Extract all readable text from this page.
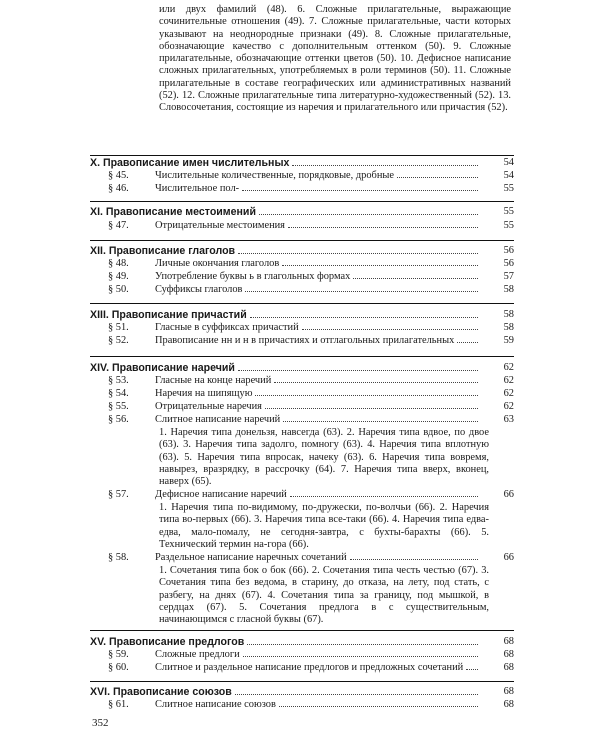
или двух фамилий (48). 6. Сложные прилагательные, выражающие сочинительные отношения (49). 7. Сложные прилагательные, части которых указывают на неоднородные признаки (49). 8. Сложные прилагательные, обозначающие качество с дополнительным оттенком (50). 9. Сложные прилагательные, обозначающие оттенки цветов (50). 10. Дефисное написание сложных прилагательных, употребляемых в роли терминов (50). 11. Сложные прилагательные в составе географических или административных названий (52). 12. Сложные прилагательные типа литературно-художественный (52). 13. Словосочетания, состоящие из наречия и прилагательного или причастия (52).

X. Правописание имен числительных	54
§ 45.	Числительные количественные, порядковые, дробные	54
§ 46.	Числительное пол-	55
XI. Правописание местоимений	55
§ 47.	Отрицательные местоимения	55
XII. Правописание глаголов	56
§ 48.	Личные окончания глаголов	56
§ 49.	Употребление буквы ь в глагольных формах	57
§ 50.	Суффиксы глаголов	58
XIII. Правописание причастий	58
§ 51.	Гласные в суффиксах причастий	58
§ 52.	Правописание нн и н в причастиях и отглагольных прилагательных	59
XIV. Правописание наречий	62
§ 53.	Гласные на конце наречий	62
§ 54.	Наречия на шипящую	62
§ 55.	Отрицательные наречия	62
§ 56.	Слитное написание наречий	63

1. Наречия типа донельзя, навсегда (63). 2. Наречия типа вдвое, по двое (63). 3. Наречия типа задолго, помногу (63). 4. Наречия типа вплотную (63). 5. Наречия типа впросак, начеку (63). 6. Наречия типа вовремя, навырез, вразрядку, в рассрочку (64). 7. Наречия типа вверх, вконец, наверх (65).

§ 57.	Дефисное написание наречий	66

1. Наречия типа по-видимому, по-дружески, по-волчьи (66). 2. Наречия типа во-первых (66). 3. Наречия типа все-таки (66). 4. Наречия типа едва-едва, мало-помалу, не сегодня-завтра, с бухты-барахты (66). 5. Технический термин на-гора (66).

§ 58.	Раздельное написание наречных сочетаний	66

1. Сочетания типа бок о бок (66). 2. Сочетания типа честь честью (67). 3. Сочетания типа без ведома, в старину, до отказа, на лету, под стать, с разбегу, на днях (67). 4. Сочетания типа за границу, под мышкой, в сердцах (67). 5. Сочетания предлога в с существительным, начинающимся с гласной буквы (67).

XV. Правописание предлогов	68
§ 59.	Сложные предлоги	68
§ 60.	Слитное и раздельное написание предлогов и предложных сочетаний	68
XVI. Правописание союзов	68
§ 61.	Слитное написание союзов	68
352
